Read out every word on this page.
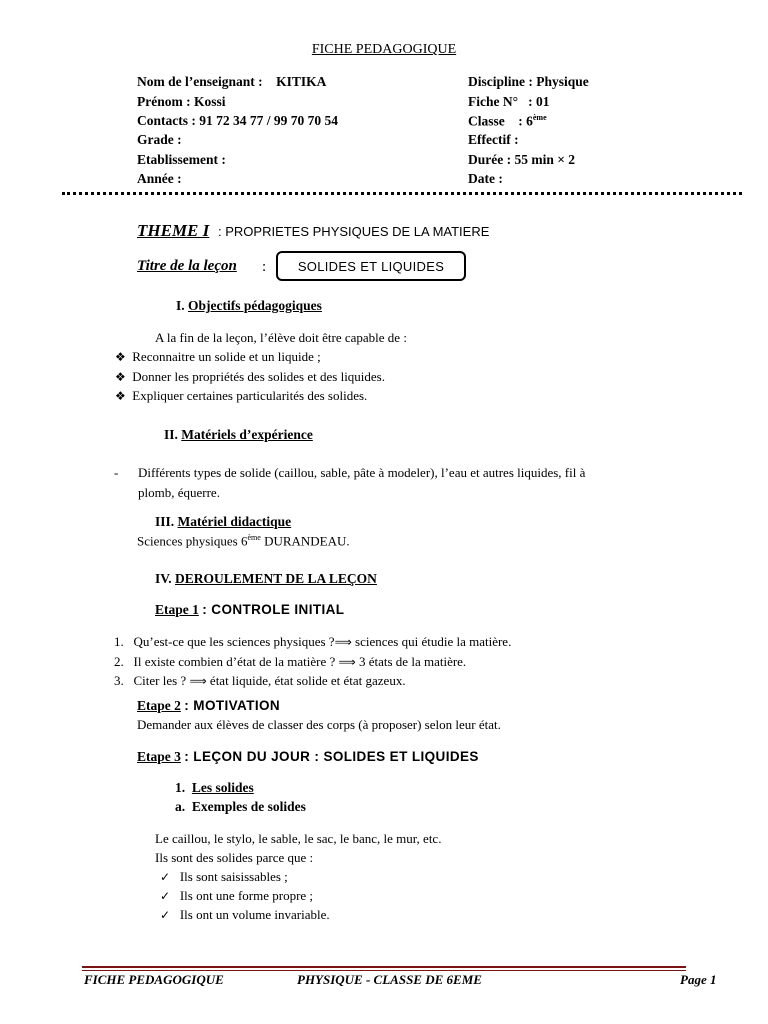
FICHE PEDAGOGIQUE
Nom de l’enseignant : KITIKA
Prénom : Kossi
Contacts : 91 72 34 77 / 99 70 70 54
Grade :
Etablissement :
Année :
Discipline : Physique
Fiche N° : 01
Classe : 6ème
Effectif :
Durée : 55 min × 2
Date :
THEME I : PROPRIETES PHYSIQUES DE LA MATIERE
Titre de la leçon : SOLIDES ET LIQUIDES
I. Objectifs pédagogiques
A la fin de la leçon, l’élève doit être capable de :
❖ Reconnaitre un solide et un liquide ;
❖ Donner les propriétés des solides et des liquides.
❖ Expliquer certaines particularités des solides.
II. Matériels d’expérience
- Différents types de solide (caillou, sable, pâte à modeler), l’eau et autres liquides, fil à
plomb, équerre.
III. Matériel didactique
Sciences physiques 6ème DURANDEAU.
IV. DEROULEMENT DE LA LEÇON
Etape 1 : CONTROLE INITIAL
1. Qu’est-ce que les sciences physiques ?⟹ sciences qui étudie la matière.
2. Il existe combien d’état de la matière ? ⟹ 3 états de la matière.
3. Citer les ? ⟹ état liquide, état solide et état gazeux.
Etape 2 : MOTIVATION
Demander aux élèves de classer des corps (à proposer) selon leur état.
Etape 3 : LEÇON DU JOUR : SOLIDES ET LIQUIDES
1. Les solides
a. Exemples de solides
Le caillou, le stylo, le sable, le sac, le banc, le mur, etc.
Ils sont des solides parce que :
✓ Ils sont saisissables ;
✓ Ils ont une forme propre ;
✓ Ils ont un volume invariable.
FICHE PEDAGOGIQUE	PHYSIQUE - CLASSE DE 6EME	Page 1
